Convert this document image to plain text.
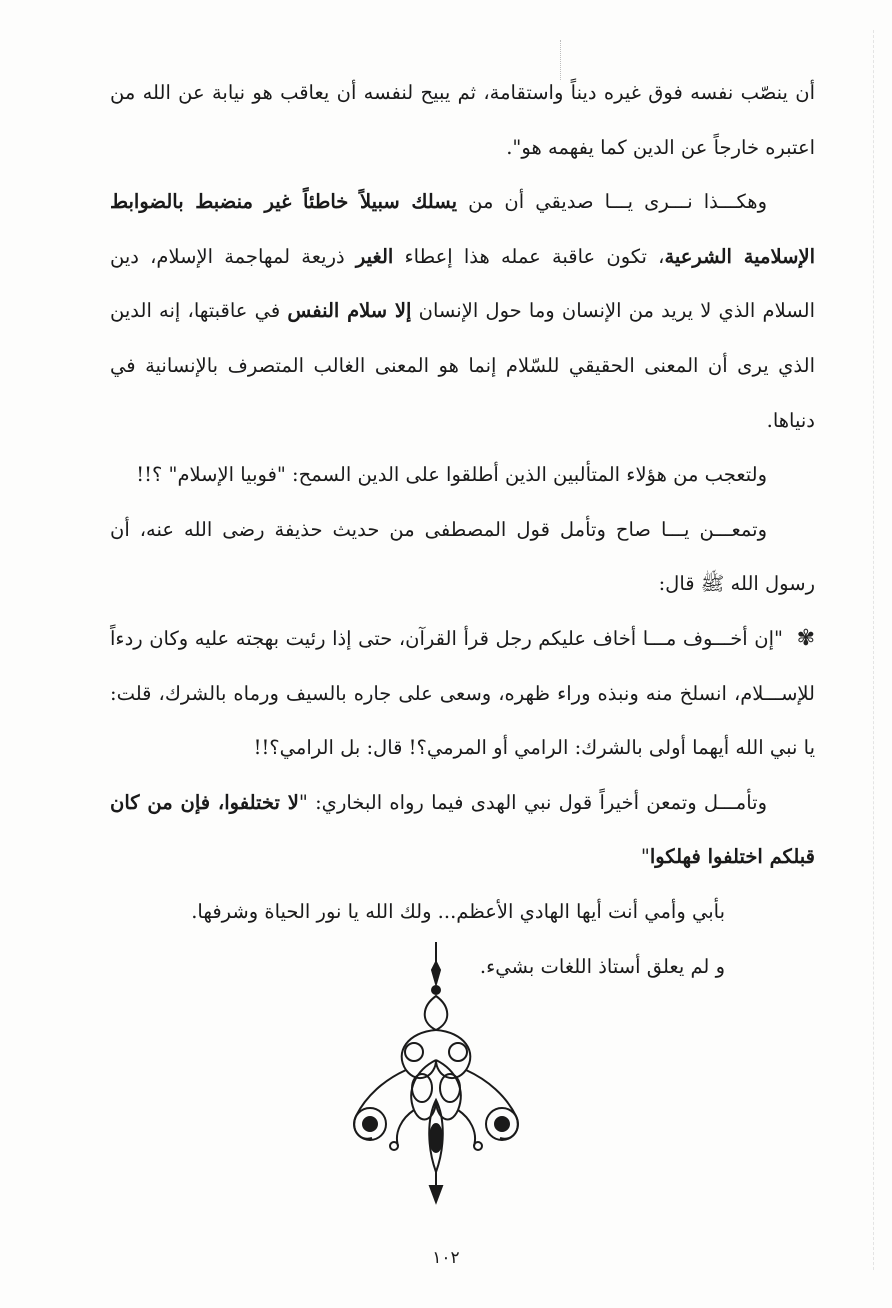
أن ينصّب نفسه فوق غيره ديناً واستقامة، ثم يبيح لنفسه أن يعاقب هو نيابة عن الله من اعتبره خارجاً عن الدين كما يفهمه هو".

وهكـــذا نـــرى يـــا صديقي أن من يسلك سبيلاً خاطئاً غير منضبط بالضوابط الإسلامية الشرعية، تكون عاقبة عمله هذا إعطاء الغير ذريعة لمهاجمة الإسلام، دين السلام الذي لا يريد من الإنسان وما حول الإنسان إلا سلام النفس في عاقبتها، إنه الدين الذي يرى أن المعنى الحقيقي للسّلام إنما هو المعنى الغالب المتصرف بالإنسانية في دنياها.

ولتعجب من هؤلاء المتألبين الذين أطلقوا على الدين السمح: "فوبيا الإسلام" ؟!!

وتمعـــن يـــا صاح وتأمل قول المصطفى من حديث حذيفة رضى الله عنه، أن رسول الله ﷺ قال:

✾"إن أخـــوف مـــا أخاف عليكم رجل قرأ القرآن، حتى إذا رئيت بهجته عليه وكان ردءاً للإســـلام، انسلخ منه ونبذه وراء ظهره، وسعى على جاره بالسيف ورماه بالشرك، قلت: يا نبي الله أيهما أولى بالشرك: الرامي أو المرمي؟! قال: بل الرامي؟!!

وتأمـــل وتمعن أخيراً قول نبي الهدى فيما رواه البخاري: "لا تختلفوا، فإن من كان قبلكم اختلفوا فهلكوا"

بأبي وأمي أنت أيها الهادي الأعظم... ولك الله يا نور الحياة وشرفها.

و لم يعلق أستاذ اللغات بشيء.

١٠٢
